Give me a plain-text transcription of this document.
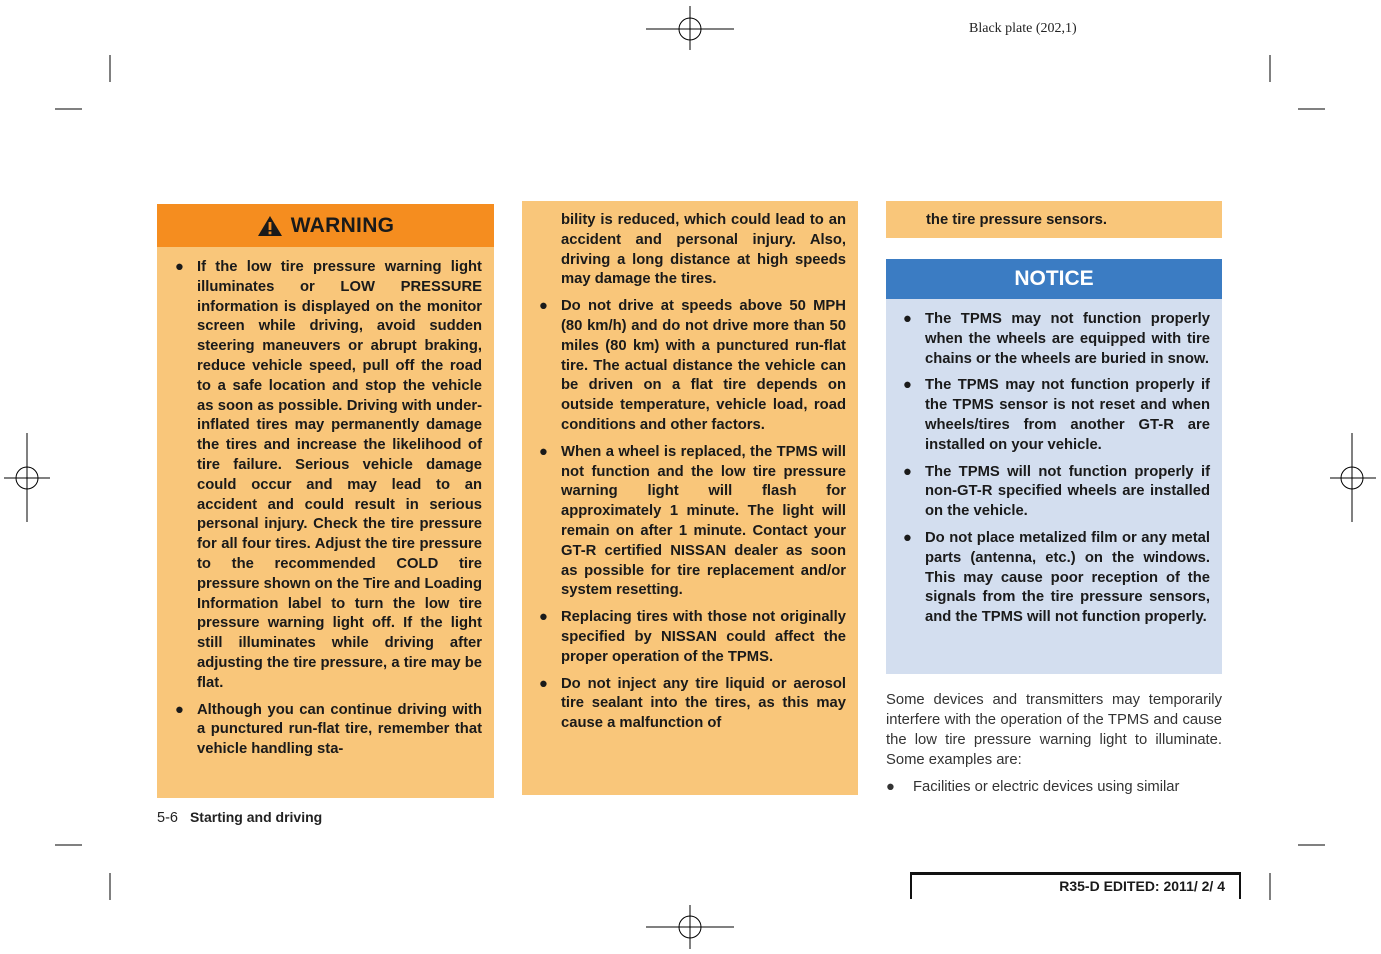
Black plate (202,1)
WARNING
● If the low tire pressure warning light illuminates or LOW PRESSURE information is displayed on the monitor screen while driving, avoid sudden steering maneuvers or abrupt braking, reduce vehicle speed, pull off the road to a safe location and stop the vehicle as soon as possible. Driving with under-inflated tires may permanently damage the tires and increase the likelihood of tire failure. Serious vehicle damage could occur and may lead to an accident and could result in serious personal injury. Check the tire pressure for all four tires. Adjust the tire pressure to the recommended COLD tire pressure shown on the Tire and Loading Information label to turn the low tire pressure warning light off. If the light still illuminates while driving after adjusting the tire pressure, a tire may be flat.
● Although you can continue driving with a punctured run-flat tire, remember that vehicle handling sta-
bility is reduced, which could lead to an accident and personal injury. Also, driving a long distance at high speeds may damage the tires.
● Do not drive at speeds above 50 MPH (80 km/h) and do not drive more than 50 miles (80 km) with a punctured run-flat tire. The actual distance the vehicle can be driven on a flat tire depends on outside temperature, vehicle load, road conditions and other factors.
● When a wheel is replaced, the TPMS will not function and the low tire pressure warning light will flash for approximately 1 minute. The light will remain on after 1 minute. Contact your GT-R certified NISSAN dealer as soon as possible for tire replacement and/or system resetting.
● Replacing tires with those not originally specified by NISSAN could affect the proper operation of the TPMS.
● Do not inject any tire liquid or aerosol tire sealant into the tires, as this may cause a malfunction of
the tire pressure sensors.
NOTICE
● The TPMS may not function properly when the wheels are equipped with tire chains or the wheels are buried in snow.
● The TPMS may not function properly if the TPMS sensor is not reset and when wheels/tires from another GT-R are installed on your vehicle.
● The TPMS will not function properly if non-GT-R specified wheels are installed on the vehicle.
● Do not place metalized film or any metal parts (antenna, etc.) on the windows. This may cause poor reception of the signals from the tire pressure sensors, and the TPMS will not function properly.

Some devices and transmitters may temporarily interfere with the operation of the TPMS and cause the low tire pressure warning light to illuminate. Some examples are:

● Facilities or electric devices using similar
5-6 Starting and driving
R35-D EDITED: 2011/ 2/ 4
